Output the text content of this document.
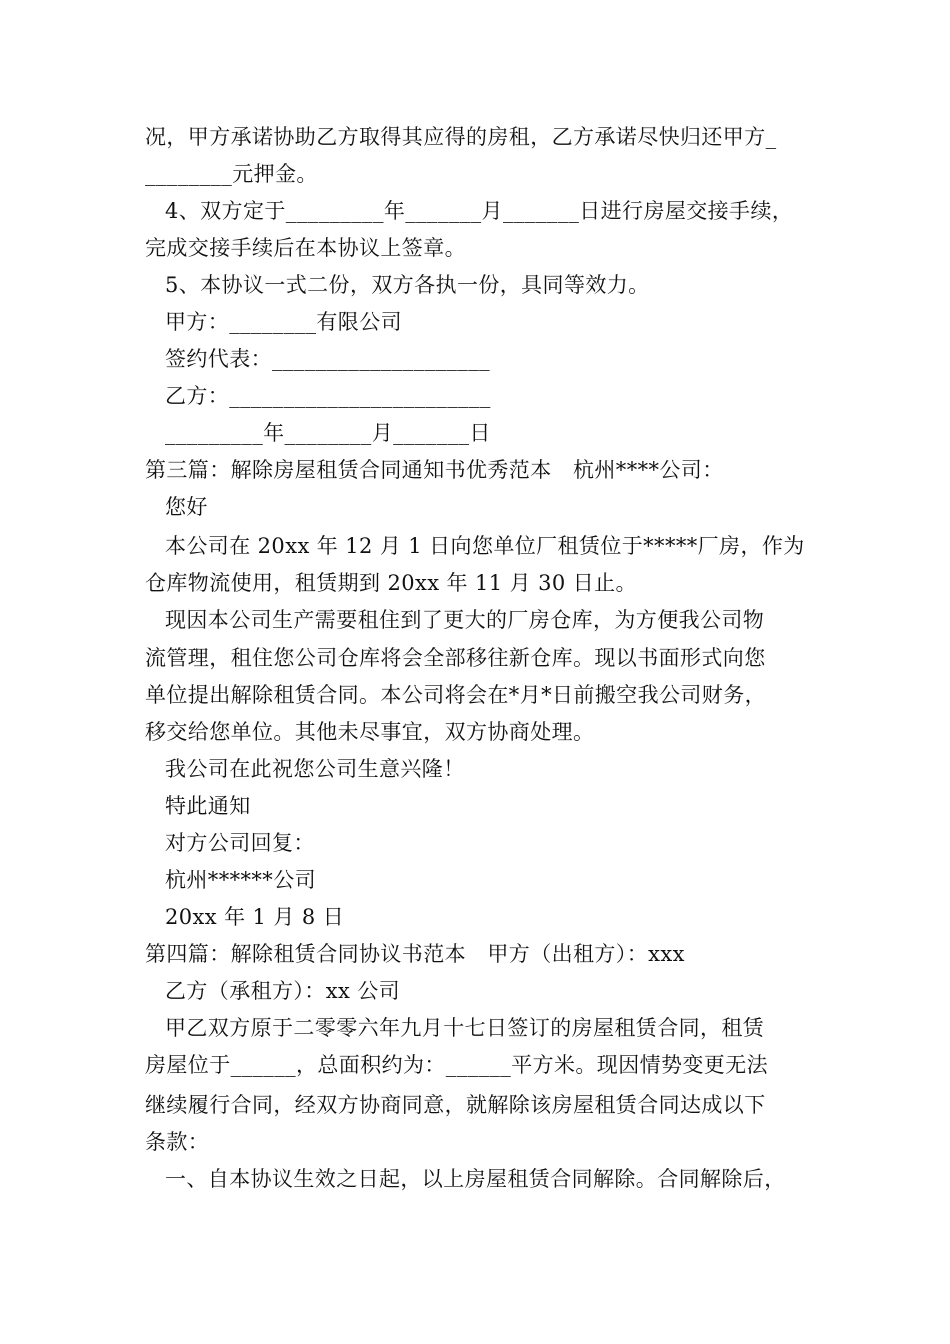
况，甲方承诺协助乙方取得其应得的房租，乙方承诺尽快归还甲方_
________元押金。
4、双方定于_________年_______月_______日进行房屋交接手续，
完成交接手续后在本协议上签章。
5、本协议一式二份，双方各执一份，具同等效力。
甲方：________有限公司
签约代表：____________________
乙方：________________________
_________年________月_______日
第三篇：解除房屋租赁合同通知书优秀范本　杭州****公司：
您好
本公司在 20xx 年 12 月 1 日向您单位厂租赁位于*****厂房，作为
仓库物流使用，租赁期到 20xx 年 11 月 30 日止。
现因本公司生产需要租住到了更大的厂房仓库，为方便我公司物
流管理，租住您公司仓库将会全部移往新仓库。现以书面形式向您
单位提出解除租赁合同。本公司将会在*月*日前搬空我公司财务，
移交给您单位。其他未尽事宜，双方协商处理。
我公司在此祝您公司生意兴隆！
特此通知
对方公司回复：
杭州******公司
20xx 年 1 月 8 日
第四篇：解除租赁合同协议书范本　甲方（出租方）：xxx
乙方（承租方）：xx 公司
甲乙双方原于二零零六年九月十七日签订的房屋租赁合同，租赁
房屋位于______，总面积约为：______平方米。现因情势变更无法
继续履行合同，经双方协商同意，就解除该房屋租赁合同达成以下
条款：
一、自本协议生效之日起，以上房屋租赁合同解除。合同解除后，
